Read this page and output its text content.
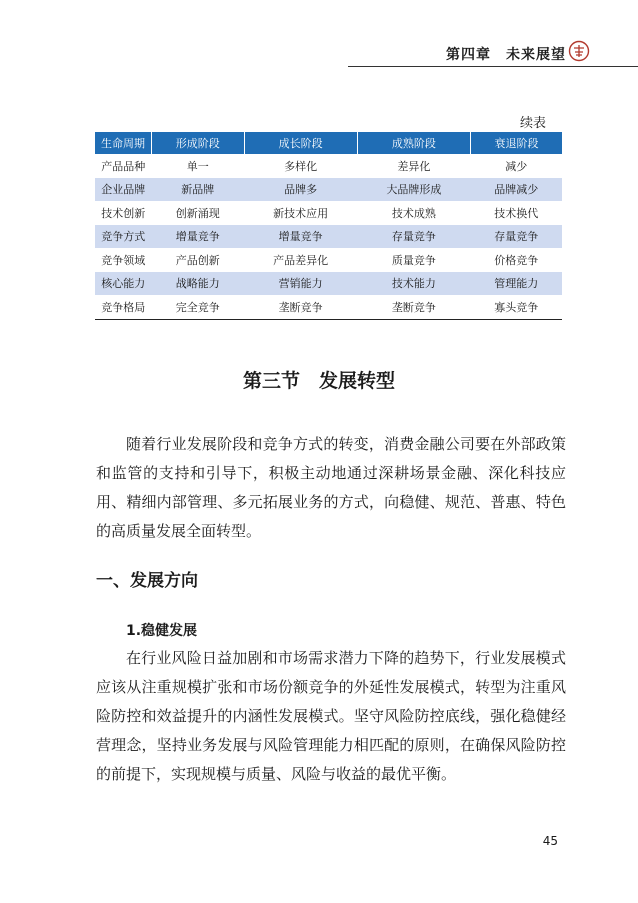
第四章　未来展望
续表
生命周期	形成阶段	成长阶段	成熟阶段	衰退阶段
产品品种	单一	多样化	差异化	减少
企业品牌	新品牌	品牌多	大品牌形成	品牌减少
技术创新	创新涌现	新技术应用	技术成熟	技术换代
竞争方式	增量竞争	增量竞争	存量竞争	存量竞争
竞争领域	产品创新	产品差异化	质量竞争	价格竞争
核心能力	战略能力	营销能力	技术能力	管理能力
竞争格局	完全竞争	垄断竞争	垄断竞争	寡头竞争
第三节　发展转型

随着行业发展阶段和竞争方式的转变，消费金融公司要在外部政策和监管的支持和引导下，积极主动地通过深耕场景金融、深化科技应用、精细内部管理、多元拓展业务的方式，向稳健、规范、普惠、特色的高质量发展全面转型。

一、发展方向
1.稳健发展

在行业风险日益加剧和市场需求潜力下降的趋势下，行业发展模式应该从注重规模扩张和市场份额竞争的外延性发展模式，转型为注重风险防控和效益提升的内涵性发展模式。坚守风险防控底线，强化稳健经营理念，坚持业务发展与风险管理能力相匹配的原则，在确保风险防控的前提下，实现规模与质量、风险与收益的最优平衡。

45
